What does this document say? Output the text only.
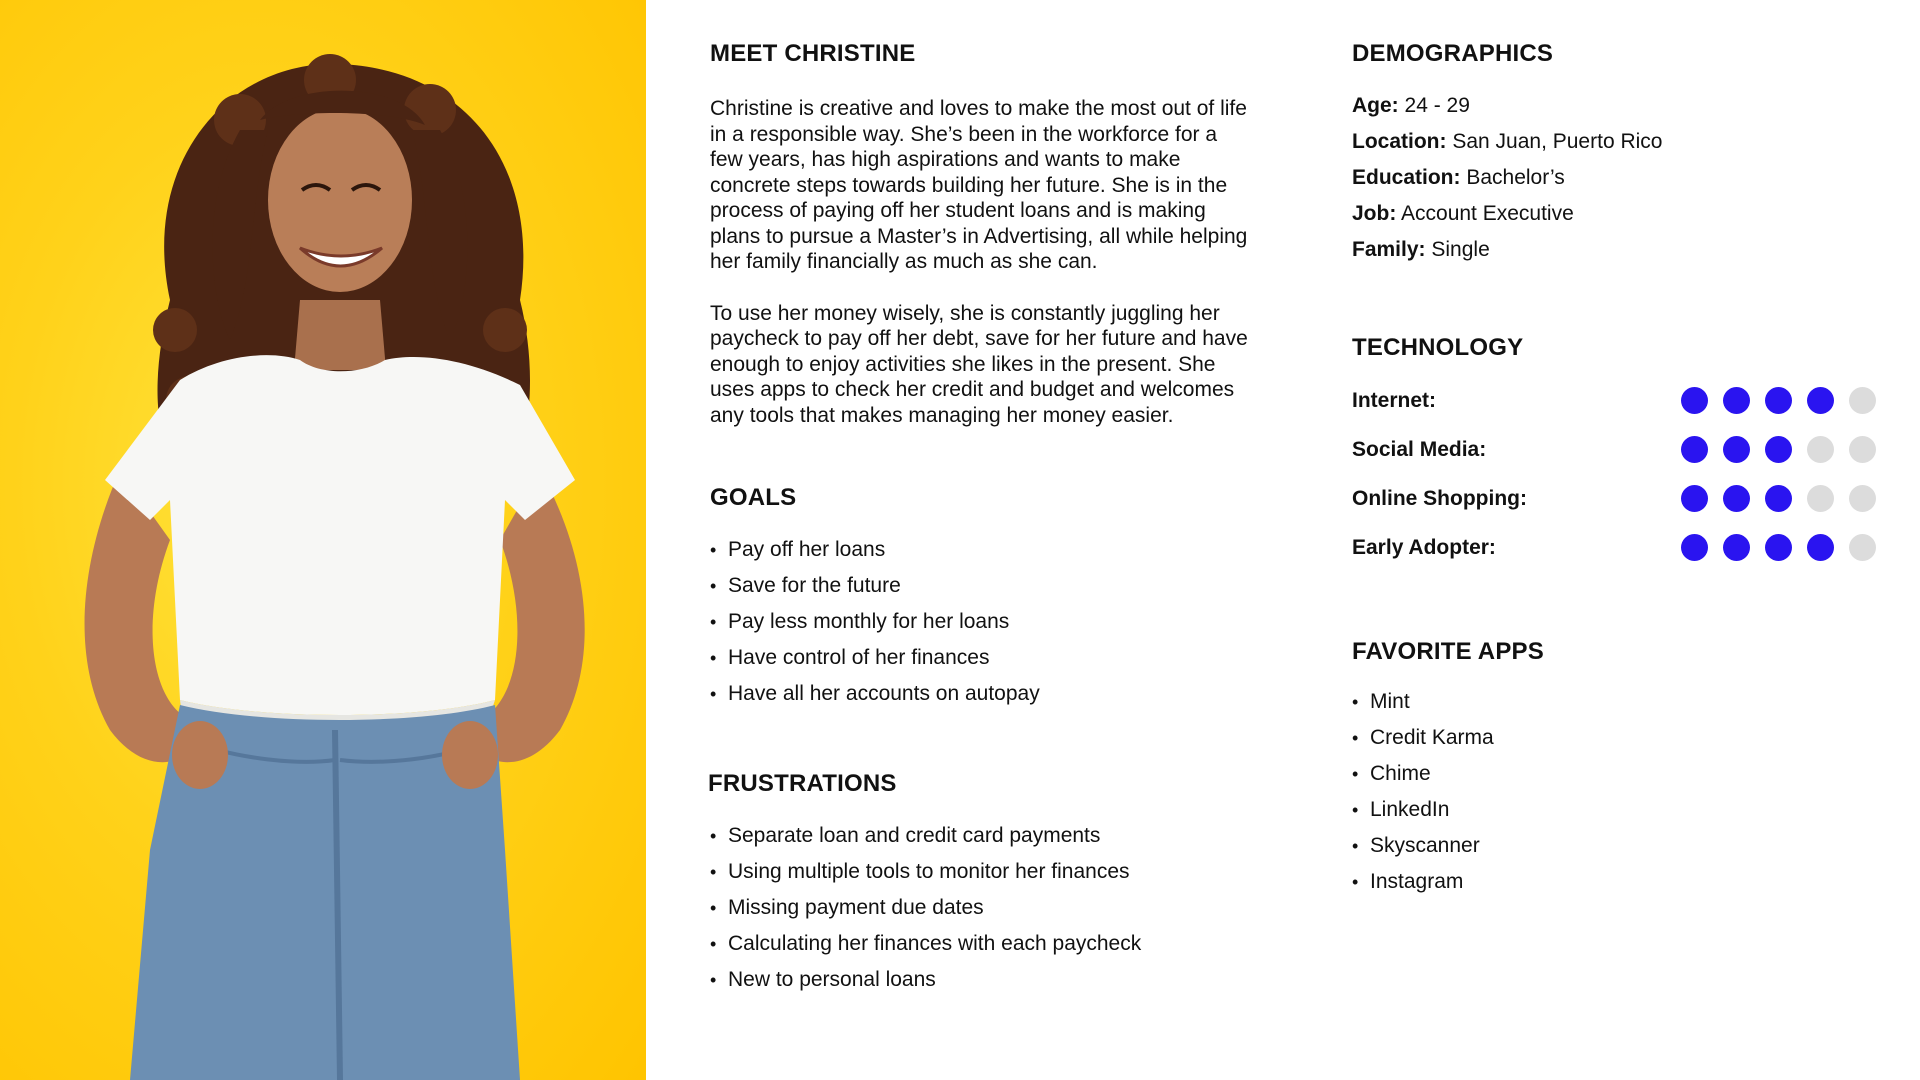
MEET CHRISTINE

Christine is creative and loves to make the most out of life in a responsible way. She’s been in the workforce for a few years, has high aspirations and wants to make concrete steps towards building her future. She is in the process of paying off her student loans and is making plans to pursue a Master’s in Advertising, all while helping her family financially as much as she can.

To use her money wisely, she is constantly juggling her paycheck to pay off her debt, save for her future and have enough to enjoy activities she likes in the present. She uses apps to check her credit and budget and welcomes any tools that makes managing her money easier.

GOALS
• Pay off her loans
• Save for the future
• Pay less monthly for her loans
• Have control of her finances
• Have all her accounts on autopay
FRUSTRATIONS
• Separate loan and credit card payments
• Using multiple tools to monitor her finances
• Missing payment due dates
• Calculating her finances with each paycheck
• New to personal loans
DEMOGRAPHICS
Age: 24 - 29
Location: San Juan, Puerto Rico
Education: Bachelor’s
Job: Account Executive
Family: Single
TECHNOLOGY
Internet:
Social Media:
Online Shopping:
Early Adopter:
FAVORITE APPS
• Mint
• Credit Karma
• Chime
• LinkedIn
• Skyscanner
• Instagram
